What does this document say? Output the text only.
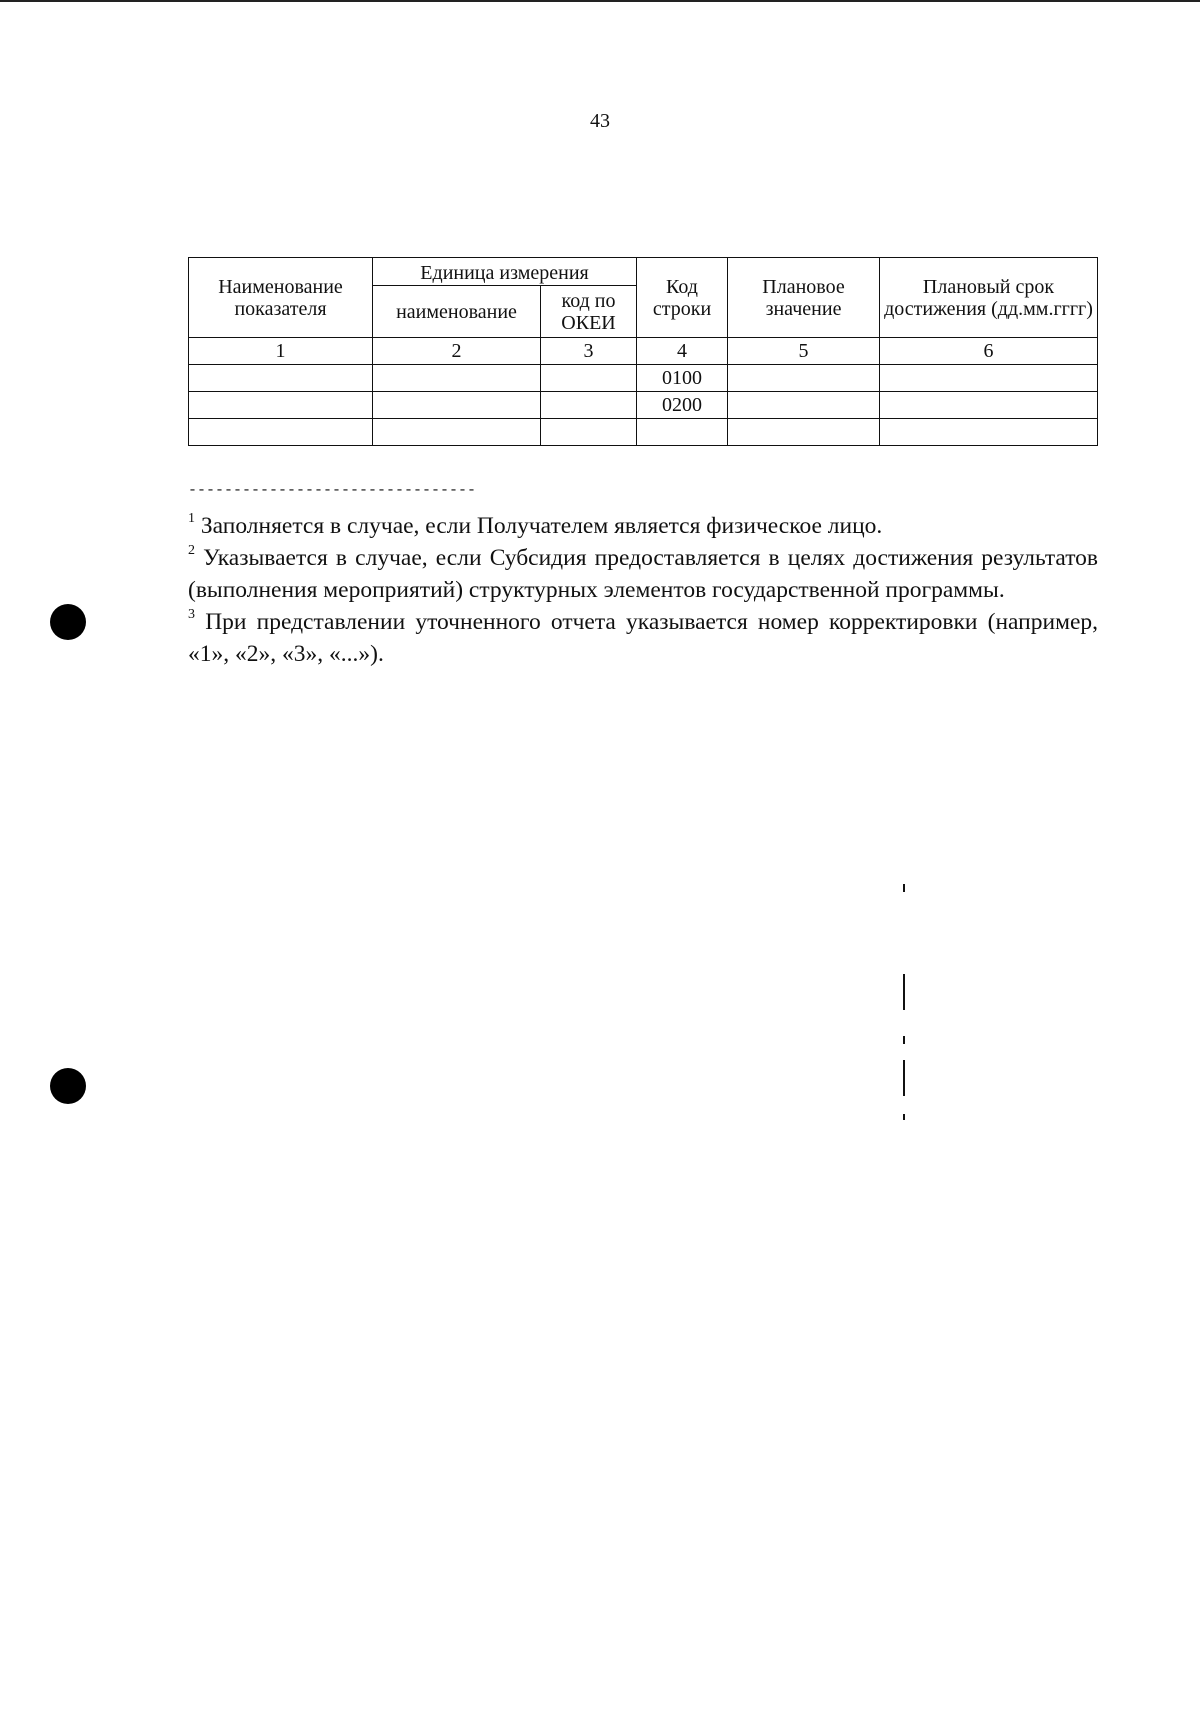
43
Наименование показателя	Единица измерения		Код строки	Плановое значение	Плановый срок достижения (дд.мм.гггг)
	наименование	код по ОКЕИ			
1	2	3	4	5	6
			0100		
			0200		

--------------------------------

$^1$ Заполняется в случае, если Получателем является физическое лицо.

$^2$ Указывается в случае, если Субсидия предоставляется в целях достижения результатов (выполнения мероприятий) структурных элементов государственной программы.

$^3$ При представлении уточненного отчета указывается номер корректировки (например, «1», «2», «3», «...»).
